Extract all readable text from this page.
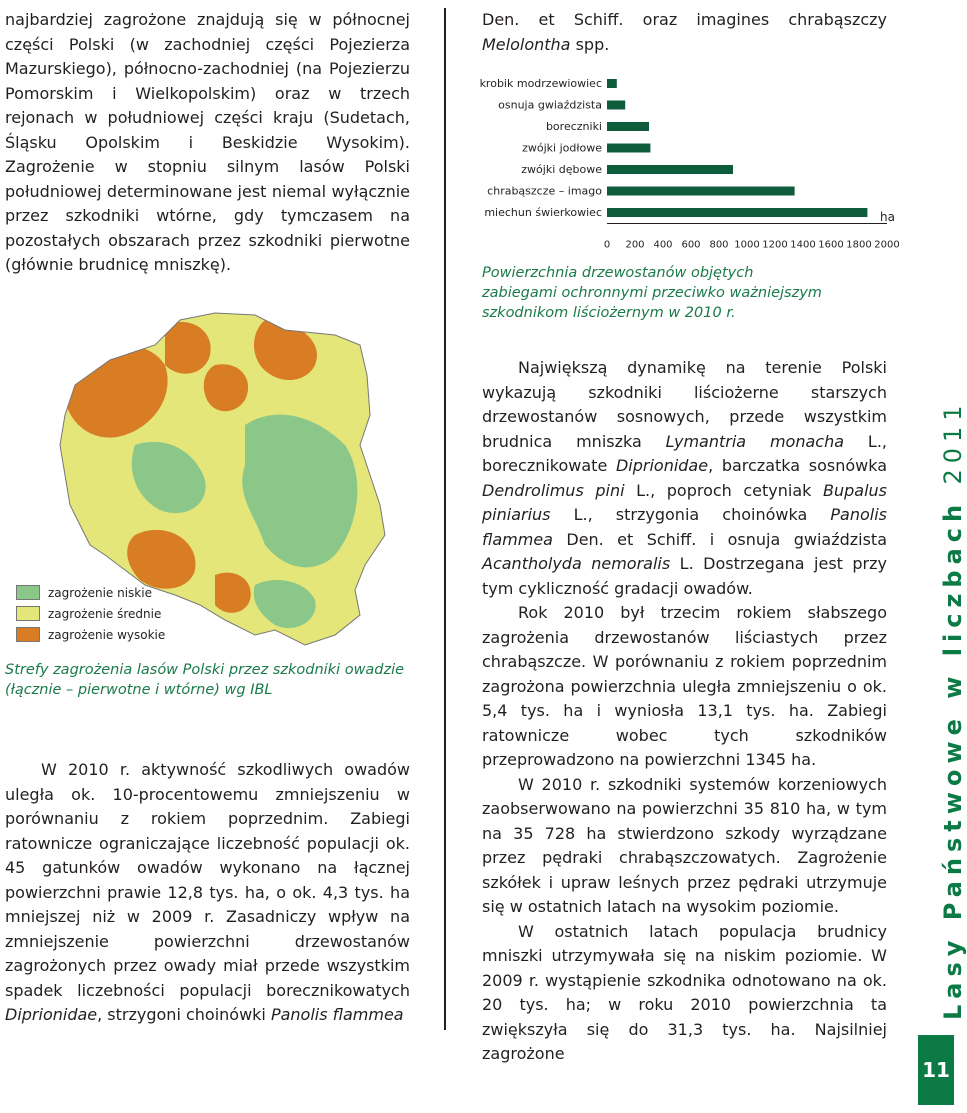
najbardziej zagrożone znajdują się w północnej części Polski (w zachodniej części Pojezierza Mazurskiego), północno-zachodniej (na Pojezierzu Pomorskim i Wielkopolskim) oraz w trzech rejonach w południowej części kraju (Sudetach, Śląsku Opolskim i Beskidzie Wysokim). Zagrożenie w stopniu silnym lasów Polski południowej determinowane jest niemal wyłącznie przez szkodniki wtórne, gdy tymczasem na pozostałych obszarach przez szkodniki pierwotne (głównie brudnicę mniszkę).

Den. et Schiff. oraz imagines chrabąszczy Melolontha spp.

krobik modrzewiowiec
osnuja gwiaździsta
boreczniki
zwójki jodłowe
zwójki dębowe
chrabąszcze – imago
miechun świerkowiec
0 200 400 600 800 1000 1200 1400 1600 1800 2000
ha
Powierzchnia drzewostanów objętych zabiegami ochronnymi przeciwko ważniejszym szkodnikom liściożernym w 2010 r.
zagrożenie niskie
zagrożenie średnie
zagrożenie wysokie
Strefy zagrożenia lasów Polski przez szkodniki owadzie (łącznie – pierwotne i wtórne) wg IBL

W 2010 r. aktywność szkodliwych owadów uległa ok. 10-procentowemu zmniejszeniu w porównaniu z rokiem poprzednim. Zabiegi ratownicze ograniczające liczebność populacji ok. 45 gatunków owadów wykonano na łącznej powierzchni prawie 12,8 tys. ha, o ok. 4,3 tys. ha mniejszej niż w 2009 r. Zasadniczy wpływ na zmniejszenie powierzchni drzewostanów zagrożonych przez owady miał przede wszystkim spadek liczebności populacji borecznikowatych Diprionidae, strzygoni choinówki Panolis flammea

Największą dynamikę na terenie Polski wykazują szkodniki liściożerne starszych drzewostanów sosnowych, przede wszystkim brudnica mniszka Lymantria monacha L., borecznikowate Diprionidae, barczatka sosnówka Dendrolimus pini L., poproch cetyniak Bupalus piniarius L., strzygonia choinówka Panolis flammea Den. et Schiff. i osnuja gwiaździsta Acantholyda nemoralis L. Dostrzegana jest przy tym cykliczność gradacji owadów.

Rok 2010 był trzecim rokiem słabszego zagrożenia drzewostanów liściastych przez chrabąszcze. W porównaniu z rokiem poprzednim zagrożona powierzchnia uległa zmniejszeniu o ok. 5,4 tys. ha i wyniosła 13,1 tys. ha. Zabiegi ratownicze wobec tych szkodników przeprowadzono na powierzchni 1345 ha.

W 2010 r. szkodniki systemów korzeniowych zaobserwowano na powierzchni 35 810 ha, w tym na 35 728 ha stwierdzono szkody wyrządzane przez pędraki chrabąszczowatych. Zagrożenie szkółek i upraw leśnych przez pędraki utrzymuje się w ostatnich latach na wysokim poziomie.

W ostatnich latach populacja brudnicy mniszki utrzymywała się na niskim poziomie. W 2009 r. wystąpienie szkodnika odnotowano na ok. 20 tys. ha; w roku 2010 powierzchnia ta zwiększyła się do 31,3 tys. ha. Najsilniej zagrożone

Lasy Państwowe w liczbach 2011
11
